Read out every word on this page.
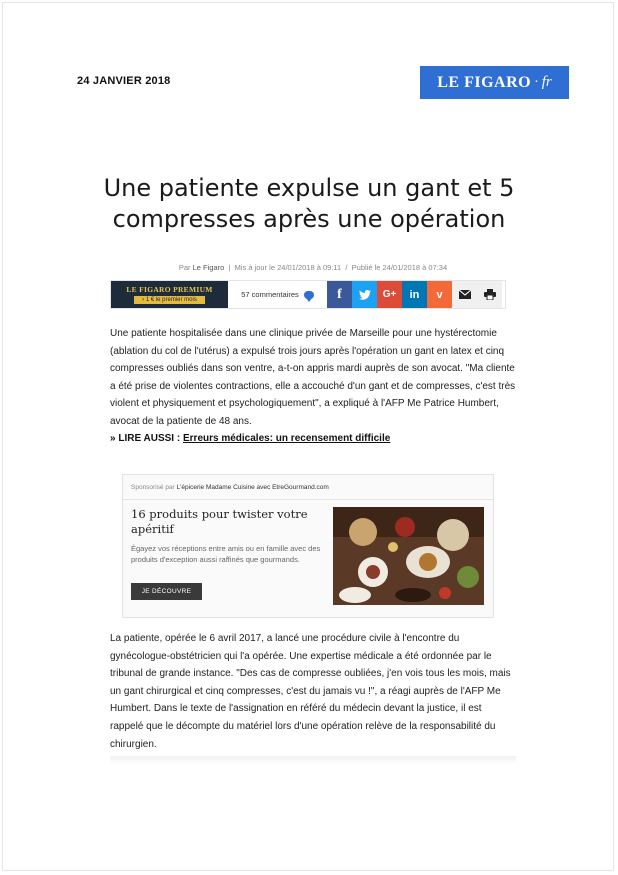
24 JANVIER 2018	LE FIGARO · fr
Une patiente expulse un gant et 5 compresses après une opération
Par Le Figaro  |  Mis à jour le 24/01/2018 à 09:11  /  Publié le 24/01/2018 à 07:34
LE FIGARO PREMIUM
› 1 € le premier mois
57 commentaires	f	G+ in v

Une patiente hospitalisée dans une clinique privée de Marseille pour une hystérectomie (ablation du col de l'utérus) a expulsé trois jours après l'opération un gant en latex et cinq compresses oubliés dans son ventre, a-t-on appris mardi auprès de son avocat. "Ma cliente a été prise de violentes contractions, elle a accouché d'un gant et de compresses, c'est très violent et physiquement et psychologiquement", a expliqué à l'AFP Me Patrice Humbert, avocat de la patiente de 48 ans.

» LIRE AUSSI : Erreurs médicales: un recensement difficile
Sponsorisé par L'épicerie Madame Cuisine avec EtreGourmand.com
16 produits pour twister votre apéritif
Égayez vos réceptions entre amis ou en famille avec des produits d'exception aussi raffinés que gourmands.
JE DÉCOUVRE

La patiente, opérée le 6 avril 2017, a lancé une procédure civile à l'encontre du gynécologue-obstétricien qui l'a opérée. Une expertise médicale a été ordonnée par le tribunal de grande instance. "Des cas de compresse oubliées, j'en vois tous les mois, mais un gant chirurgical et cinq compresses, c'est du jamais vu !", a réagi auprès de l'AFP Me Humbert. Dans le texte de l'assignation en référé du médecin devant la justice, il est rappelé que le décompte du matériel lors d'une opération relève de la responsabilité du chirurgien.
